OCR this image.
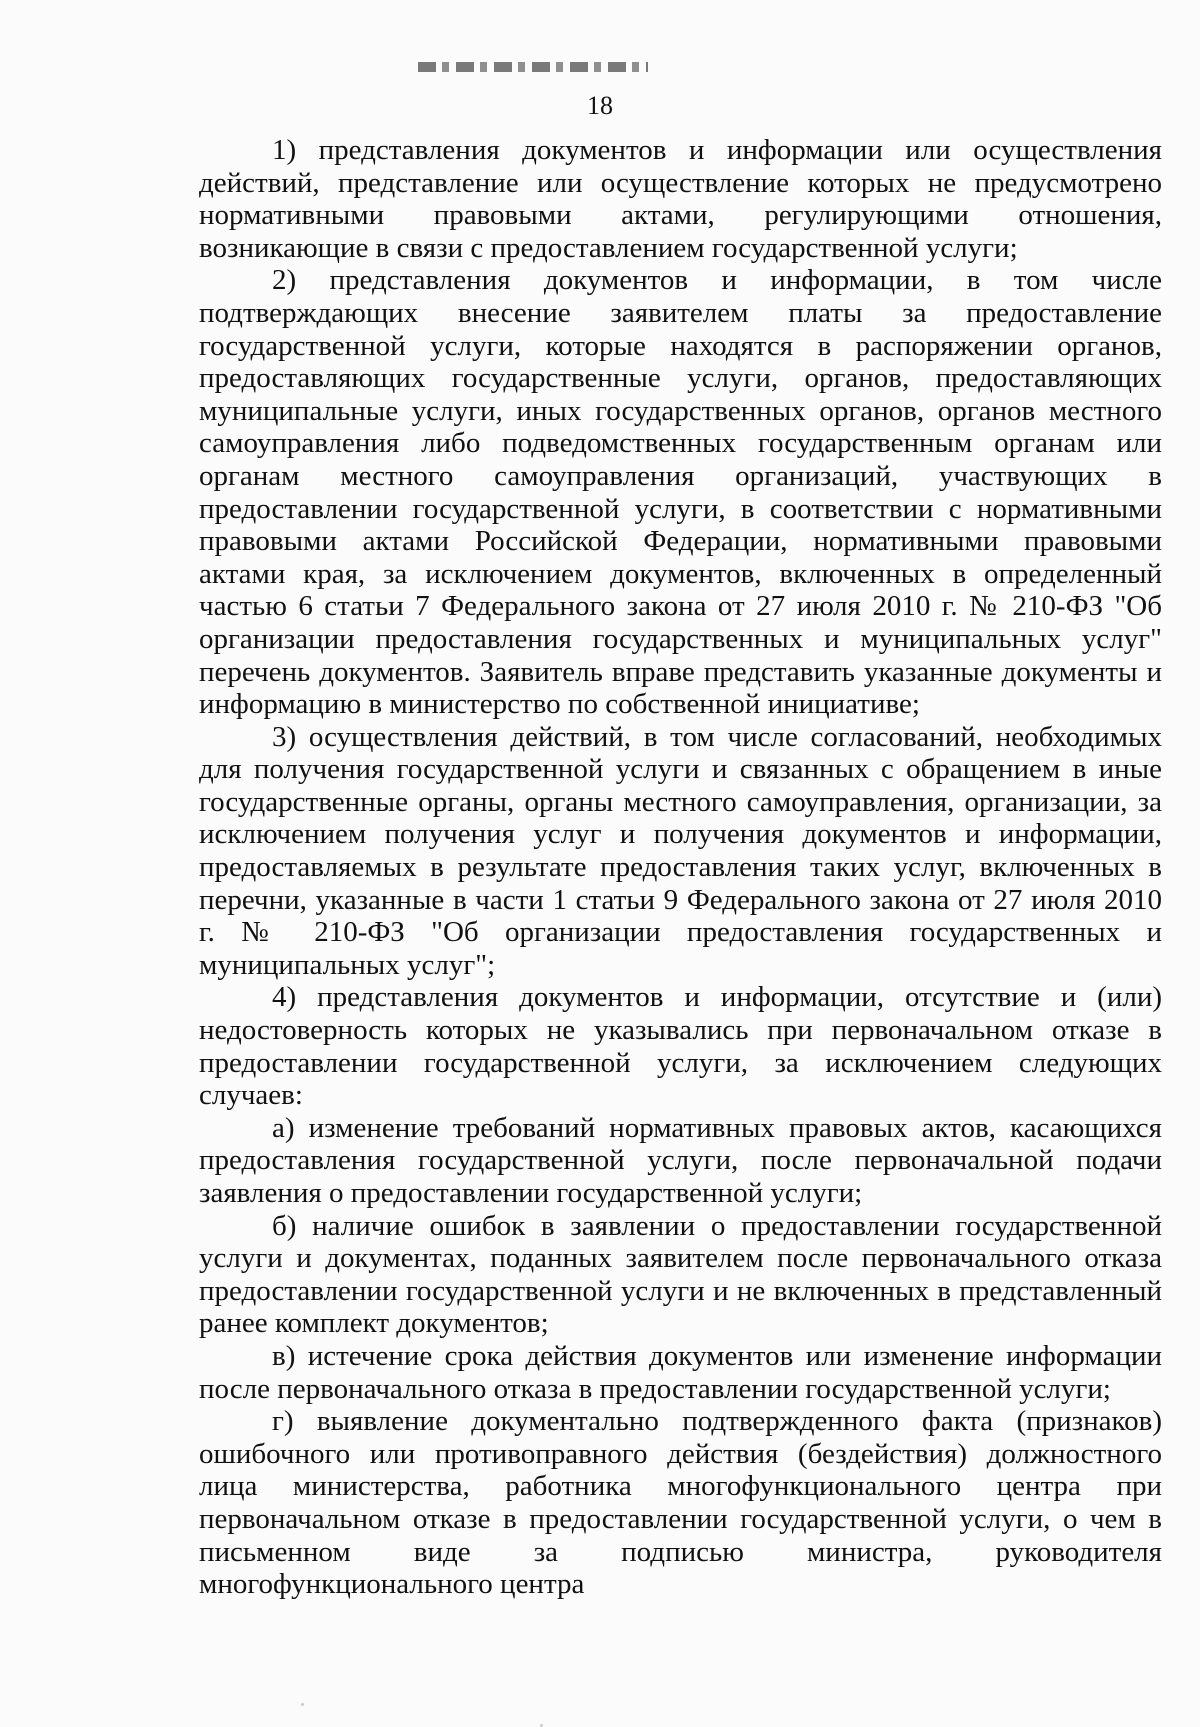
18

1) представления документов и информации или осуществления действий, представление или осуществление которых не предусмотрено нормативными правовыми актами, регулирующими отношения, возникающие в связи с предоставлением государственной услуги;

2) представления документов и информации, в том числе подтверждающих внесение заявителем платы за предоставление государственной услуги, которые находятся в распоряжении органов, предоставляющих государственные услуги, органов, предоставляющих муниципальные услуги, иных государственных органов, органов местного самоуправления либо подведомственных государственным органам или органам местного самоуправления организаций, участвующих в предоставлении государственной услуги, в соответствии с нормативными правовыми актами Российской Федерации, нормативными правовыми актами края, за исключением документов, включенных в определенный частью 6 статьи 7 Федерального закона от 27 июля 2010 г. № 210-ФЗ "Об организации предоставления государственных и муниципальных услуг" перечень документов. Заявитель вправе представить указанные документы и информацию в министерство по собственной инициативе;

3) осуществления действий, в том числе согласований, необходимых для получения государственной услуги и связанных с обращением в иные государственные органы, органы местного самоуправления, организации, за исключением получения услуг и получения документов и информации, предоставляемых в результате предоставления таких услуг, включенных в перечни, указанные в части 1 статьи 9 Федерального закона от 27 июля 2010 г. № 210-ФЗ "Об организации предоставления государственных и муниципальных услуг";

4) представления документов и информации, отсутствие и (или) недостоверность которых не указывались при первоначальном отказе в предоставлении государственной услуги, за исключением следующих случаев:

а) изменение требований нормативных правовых актов, касающихся предоставления государственной услуги, после первоначальной подачи заявления о предоставлении государственной услуги;

б) наличие ошибок в заявлении о предоставлении государственной услуги и документах, поданных заявителем после первоначального отказа предоставлении государственной услуги и не включенных в представленный ранее комплект документов;

в) истечение срока действия документов или изменение информации после первоначального отказа в предоставлении государственной услуги;

г) выявление документально подтвержденного факта (признаков) ошибочного или противоправного действия (бездействия) должностного лица министерства, работника многофункционального центра при первоначальном отказе в предоставлении государственной услуги, о чем в письменном виде за подписью министра, руководителя многофункционального центра
